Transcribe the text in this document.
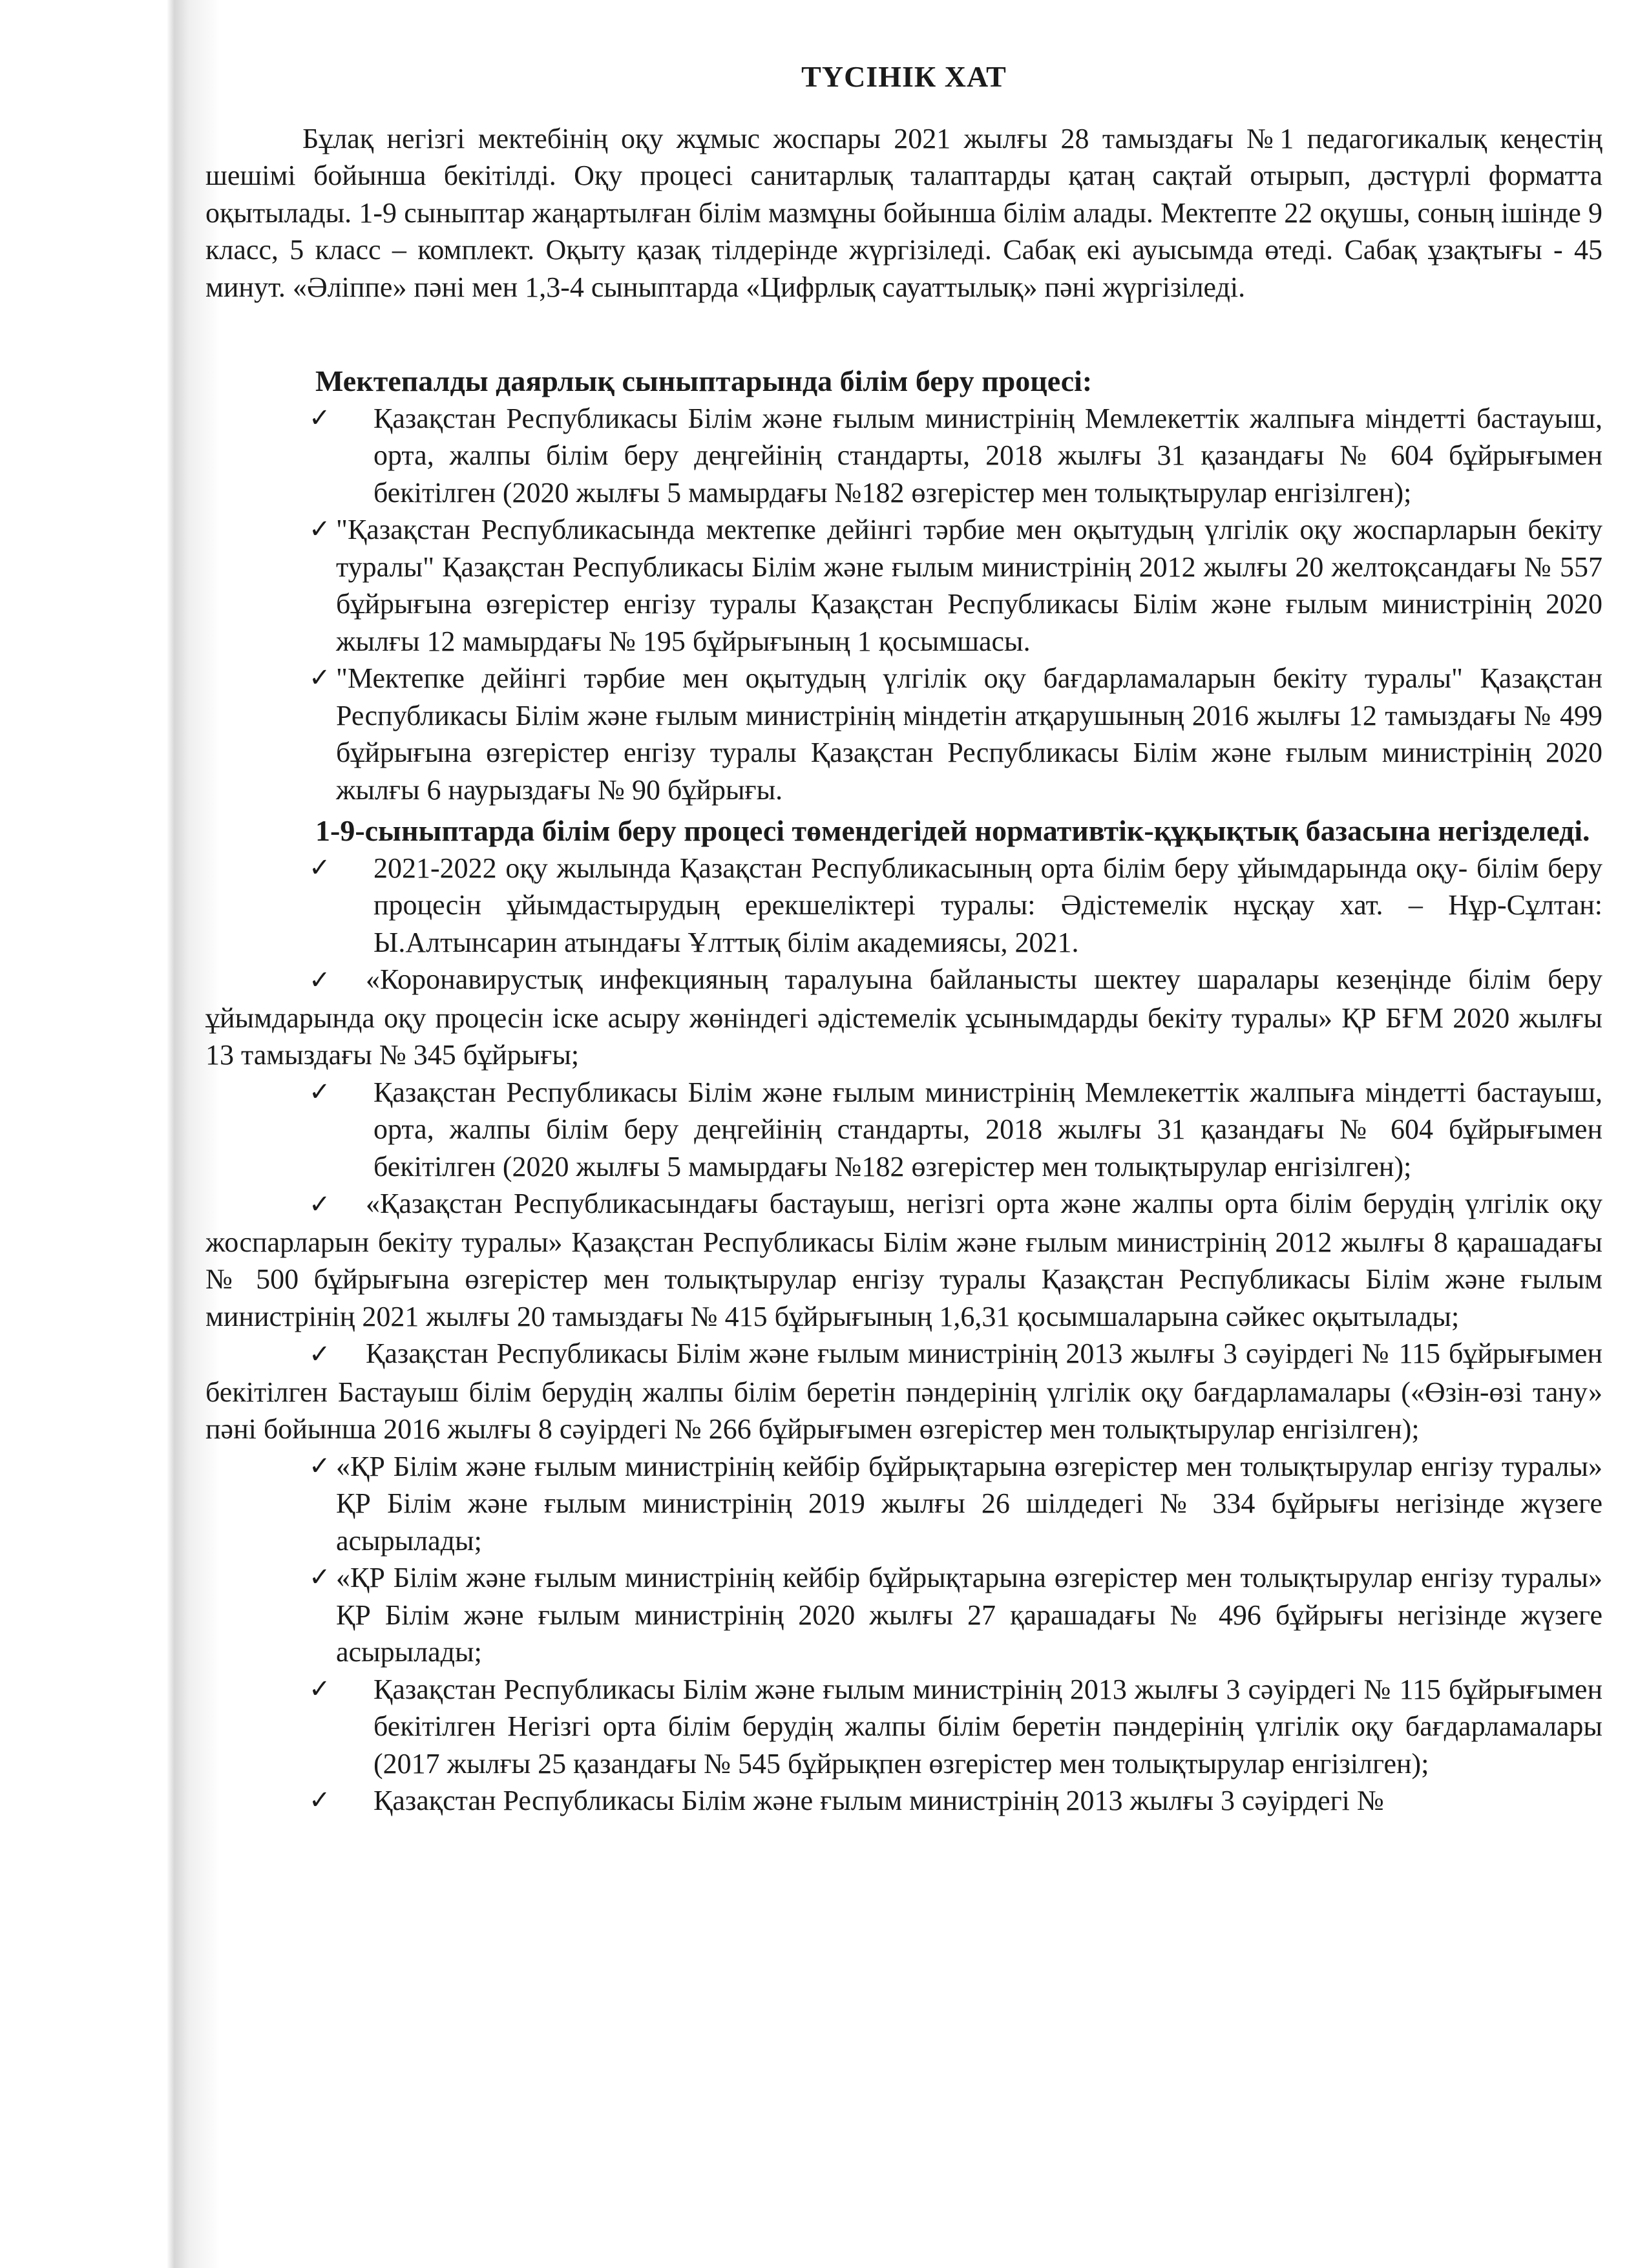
ТҮСІНІК ХАТ

Бұлақ негізгі мектебінің оқу жұмыс жоспары 2021 жылғы 28 тамыздағы №1 педагогикалық кеңестің шешімі бойынша бекітілді. Оқу процесі санитарлық талаптарды қатаң сақтай отырып, дәстүрлі форматта оқытылады. 1-9 сыныптар жаңартылған білім мазмұны бойынша білім алады. Мектепте 22 оқушы, соның ішінде 9 класс, 5 класс – комплект. Оқыту қазақ тілдерінде жүргізіледі. Сабақ екі ауысымда өтеді. Сабақ ұзақтығы - 45 минут. «Әліппе» пәні мен 1,3-4 сыныптарда «Цифрлық сауаттылық» пәні жүргізіледі.

Мектепалды даярлық сыныптарында білім беру процесі:

✓	Қазақстан Республикасы Білім және ғылым министрінің Мемлекеттік жалпыға міндетті бастауыш, орта, жалпы білім беру деңгейінің стандарты, 2018 жылғы 31 қазандағы № 604 бұйрығымен бекітілген (2020 жылғы 5 мамырдағы №182 өзгерістер мен толықтырулар енгізілген);

✓ "Қазақстан Республикасында мектепке дейінгі тәрбие мен оқытудың үлгілік оқу жоспарларын бекіту туралы" Қазақстан Республикасы Білім және ғылым министрінің 2012 жылғы 20 желтоқсандағы № 557 бұйрығына өзгерістер енгізу туралы Қазақстан Республикасы Білім және ғылым министрінің 2020 жылғы 12 мамырдағы № 195 бұйрығының 1 қосымшасы.

✓ "Мектепке дейінгі тәрбие мен оқытудың үлгілік оқу бағдарламаларын бекіту туралы" Қазақстан Республикасы Білім және ғылым министрінің міндетін атқарушының 2016 жылғы 12 тамыздағы № 499 бұйрығына өзгерістер енгізу туралы Қазақстан Республикасы Білім және ғылым министрінің 2020 жылғы 6 наурыздағы № 90 бұйрығы.

1-9-сыныптарда білім беру процесі төмендегідей нормативтік-құқықтық базасына негізделеді.

✓	2021-2022 оқу жылында Қазақстан Республикасының орта білім беру ұйымдарында оқу- білім беру процесін ұйымдастырудың ерекшеліктері туралы: Әдістемелік нұсқау хат. – Нұр-Сұлтан: Ы.Алтынсарин атындағы Ұлттық білім академиясы, 2021.

✓ «Коронавирустық инфекцияның таралуына байланысты шектеу шаралары кезеңінде білім беру ұйымдарында оқу процесін іске асыру жөніндегі әдістемелік ұсынымдарды бекіту туралы» ҚР БҒМ 2020 жылғы 13 тамыздағы № 345 бұйрығы;

✓	Қазақстан Республикасы Білім және ғылым министрінің Мемлекеттік жалпыға міндетті бастауыш, орта, жалпы білім беру деңгейінің стандарты, 2018 жылғы 31 қазандағы № 604 бұйрығымен бекітілген (2020 жылғы 5 мамырдағы №182 өзгерістер мен толықтырулар енгізілген);

✓ «Қазақстан Республикасындағы бастауыш, негізгі орта және жалпы орта білім берудің үлгілік оқу жоспарларын бекіту туралы» Қазақстан Республикасы Білім және ғылым министрінің 2012 жылғы 8 қарашадағы № 500 бұйрығына өзгерістер мен толықтырулар енгізу туралы Қазақстан Республикасы Білім және ғылым министрінің 2021 жылғы 20 тамыздағы № 415 бұйрығының 1,6,31 қосымшаларына сәйкес оқытылады;

✓ Қазақстан Республикасы Білім және ғылым министрінің 2013 жылғы 3 сәуірдегі № 115 бұйрығымен бекітілген Бастауыш білім берудің жалпы білім беретін пәндерінің үлгілік оқу бағдарламалары («Өзін-өзі тану» пәні бойынша 2016 жылғы 8 сәуірдегі № 266 бұйрығымен өзгерістер мен толықтырулар енгізілген);

✓ «ҚР Білім және ғылым министрінің кейбір бұйрықтарына өзгерістер мен толықтырулар енгізу туралы» ҚР Білім және ғылым министрінің 2019 жылғы 26 шілдедегі № 334 бұйрығы негізінде жүзеге асырылады;

✓ «ҚР Білім және ғылым министрінің кейбір бұйрықтарына өзгерістер мен толықтырулар енгізу туралы» ҚР Білім және ғылым министрінің 2020 жылғы 27 қарашадағы № 496 бұйрығы негізінде жүзеге асырылады;

✓	Қазақстан Республикасы Білім және ғылым министрінің 2013 жылғы 3 сәуірдегі № 115 бұйрығымен бекітілген Негізгі орта білім берудің жалпы білім беретін пәндерінің үлгілік оқу бағдарламалары (2017 жылғы 25 қазандағы № 545 бұйрықпен өзгерістер мен толықтырулар енгізілген);

✓	Қазақстан Республикасы Білім және ғылым министрінің 2013 жылғы 3 сәуірдегі №
